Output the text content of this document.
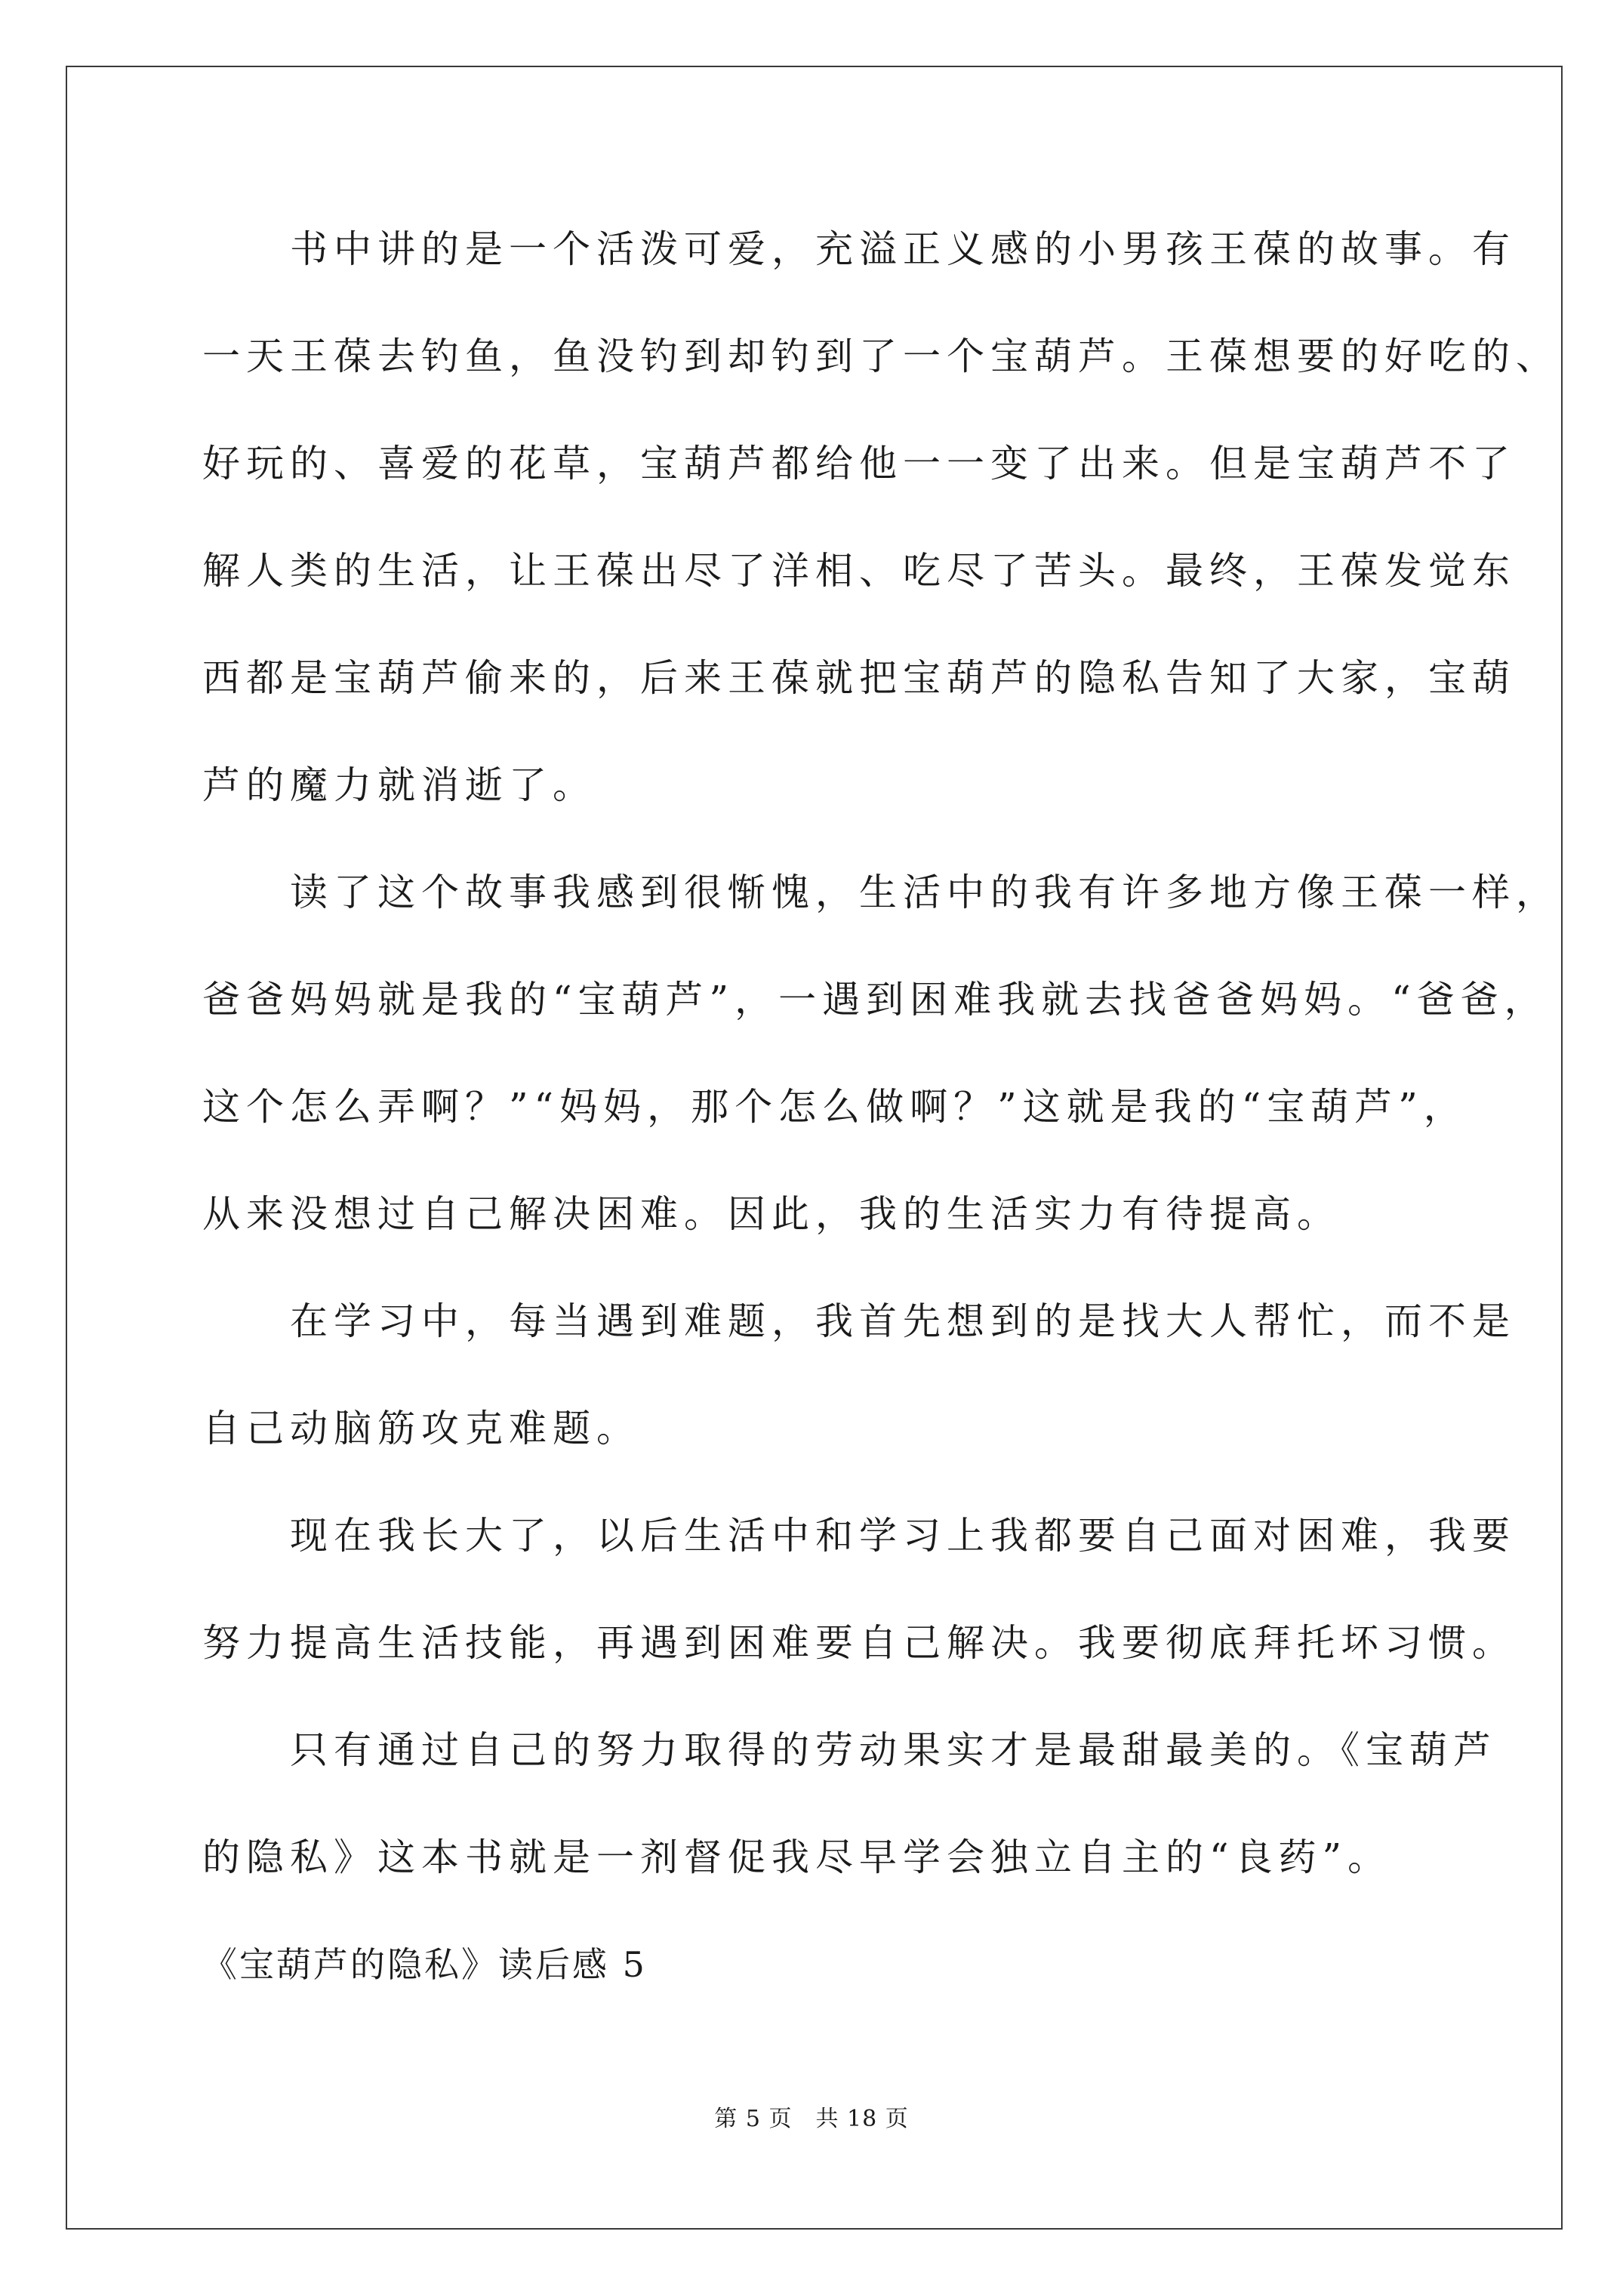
　　书中讲的是一个活泼可爱，充溢正义感的小男孩王葆的故事。有
一天王葆去钓鱼，鱼没钓到却钓到了一个宝葫芦。王葆想要的好吃的、
好玩的、喜爱的花草，宝葫芦都给他一一变了出来。但是宝葫芦不了
解人类的生活，让王葆出尽了洋相、吃尽了苦头。最终，王葆发觉东
西都是宝葫芦偷来的，后来王葆就把宝葫芦的隐私告知了大家，宝葫
芦的魔力就消逝了。
　　读了这个故事我感到很惭愧，生活中的我有许多地方像王葆一样，
爸爸妈妈就是我的“宝葫芦”，一遇到困难我就去找爸爸妈妈。“爸爸，
这个怎么弄啊？”“妈妈，那个怎么做啊？”这就是我的“宝葫芦”，
从来没想过自己解决困难。因此，我的生活实力有待提高。
　　在学习中，每当遇到难题，我首先想到的是找大人帮忙，而不是
自己动脑筋攻克难题。
　　现在我长大了，以后生活中和学习上我都要自己面对困难，我要
努力提高生活技能，再遇到困难要自己解决。我要彻底拜托坏习惯。
　　只有通过自己的努力取得的劳动果实才是最甜最美的。《宝葫芦
的隐私》这本书就是一剂督促我尽早学会独立自主的“良药”。
《宝葫芦的隐私》读后感 5
第 5 页　共 18 页
